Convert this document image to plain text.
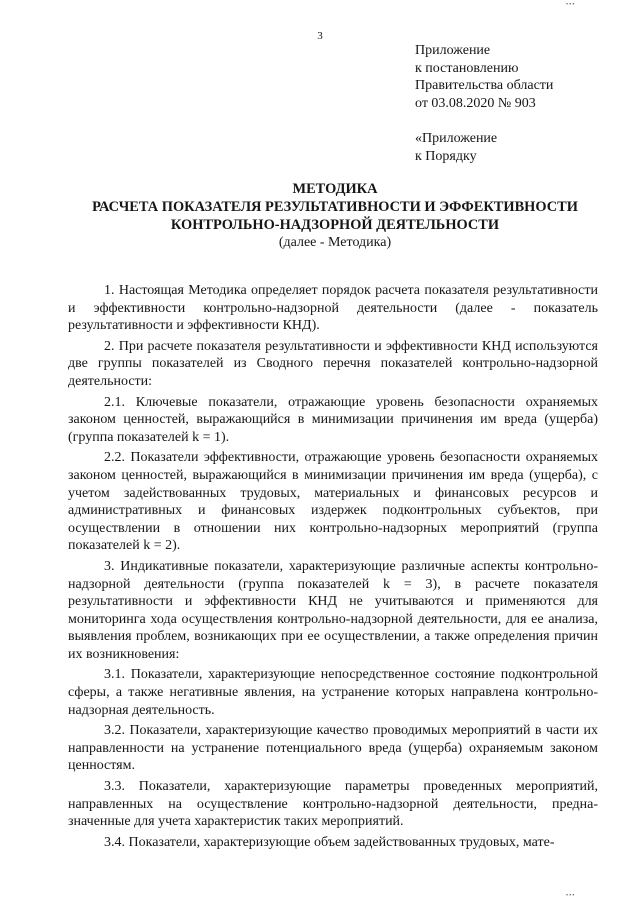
3
•••
Приложение
к постановлению
Правительства области
от 03.08.2020 № 903
«Приложение
к Порядку
МЕТОДИКА
РАСЧЕТА ПОКАЗАТЕЛЯ РЕЗУЛЬТАТИВНОСТИ И ЭФФЕКТИВНОСТИ
КОНТРОЛЬНО-НАДЗОРНОЙ ДЕЯТЕЛЬНОСТИ
(далее - Методика)

1. Настоящая Методика определяет порядок расчета показателя результативности и эффективности контрольно-надзорной деятельности (далее - показатель результативности и эффективности КНД).

2. При расчете показателя результативности и эффективности КНД используются две группы показателей из Сводного перечня показателей контрольно-надзорной деятельности:

2.1. Ключевые показатели, отражающие уровень безопасности охраняемых законом ценностей, выражающийся в минимизации причинения им вреда (ущерба) (группа показателей k = 1).

2.2. Показатели эффективности, отражающие уровень безопасности охраняемых законом ценностей, выражающийся в минимизации причинения им вреда (ущерба), с учетом задействованных трудовых, материальных и финансовых ресурсов и административных и финансовых издержек подконтрольных субъектов, при осуществлении в отношении них контрольно-надзорных мероприятий (группа показателей k = 2).

3. Индикативные показатели, характеризующие различные аспекты контрольно-надзорной деятельности (группа показателей k = 3), в расчете показателя результативности и эффективности КНД не учитываются и применяются для мониторинга хода осуществления контрольно-надзорной деятельности, для ее анализа, выявления проблем, возникающих при ее осуществлении, а также определения причин их возникновения:

3.1. Показатели, характеризующие непосредственное состояние подконтрольной сферы, а также негативные явления, на устранение которых направлена контрольно-надзорная деятельность.

3.2. Показатели, характеризующие качество проводимых мероприятий в части их направленности на устранение потенциального вреда (ущерба) охраняемым законом ценностям.

3.3. Показатели, характеризующие параметры проведенных мероприятий, направленных на осуществление контрольно-надзорной деятельности, предназначенные для учета характеристик таких мероприятий.

3.4. Показатели, характеризующие объем задействованных трудовых, мате-

•••
